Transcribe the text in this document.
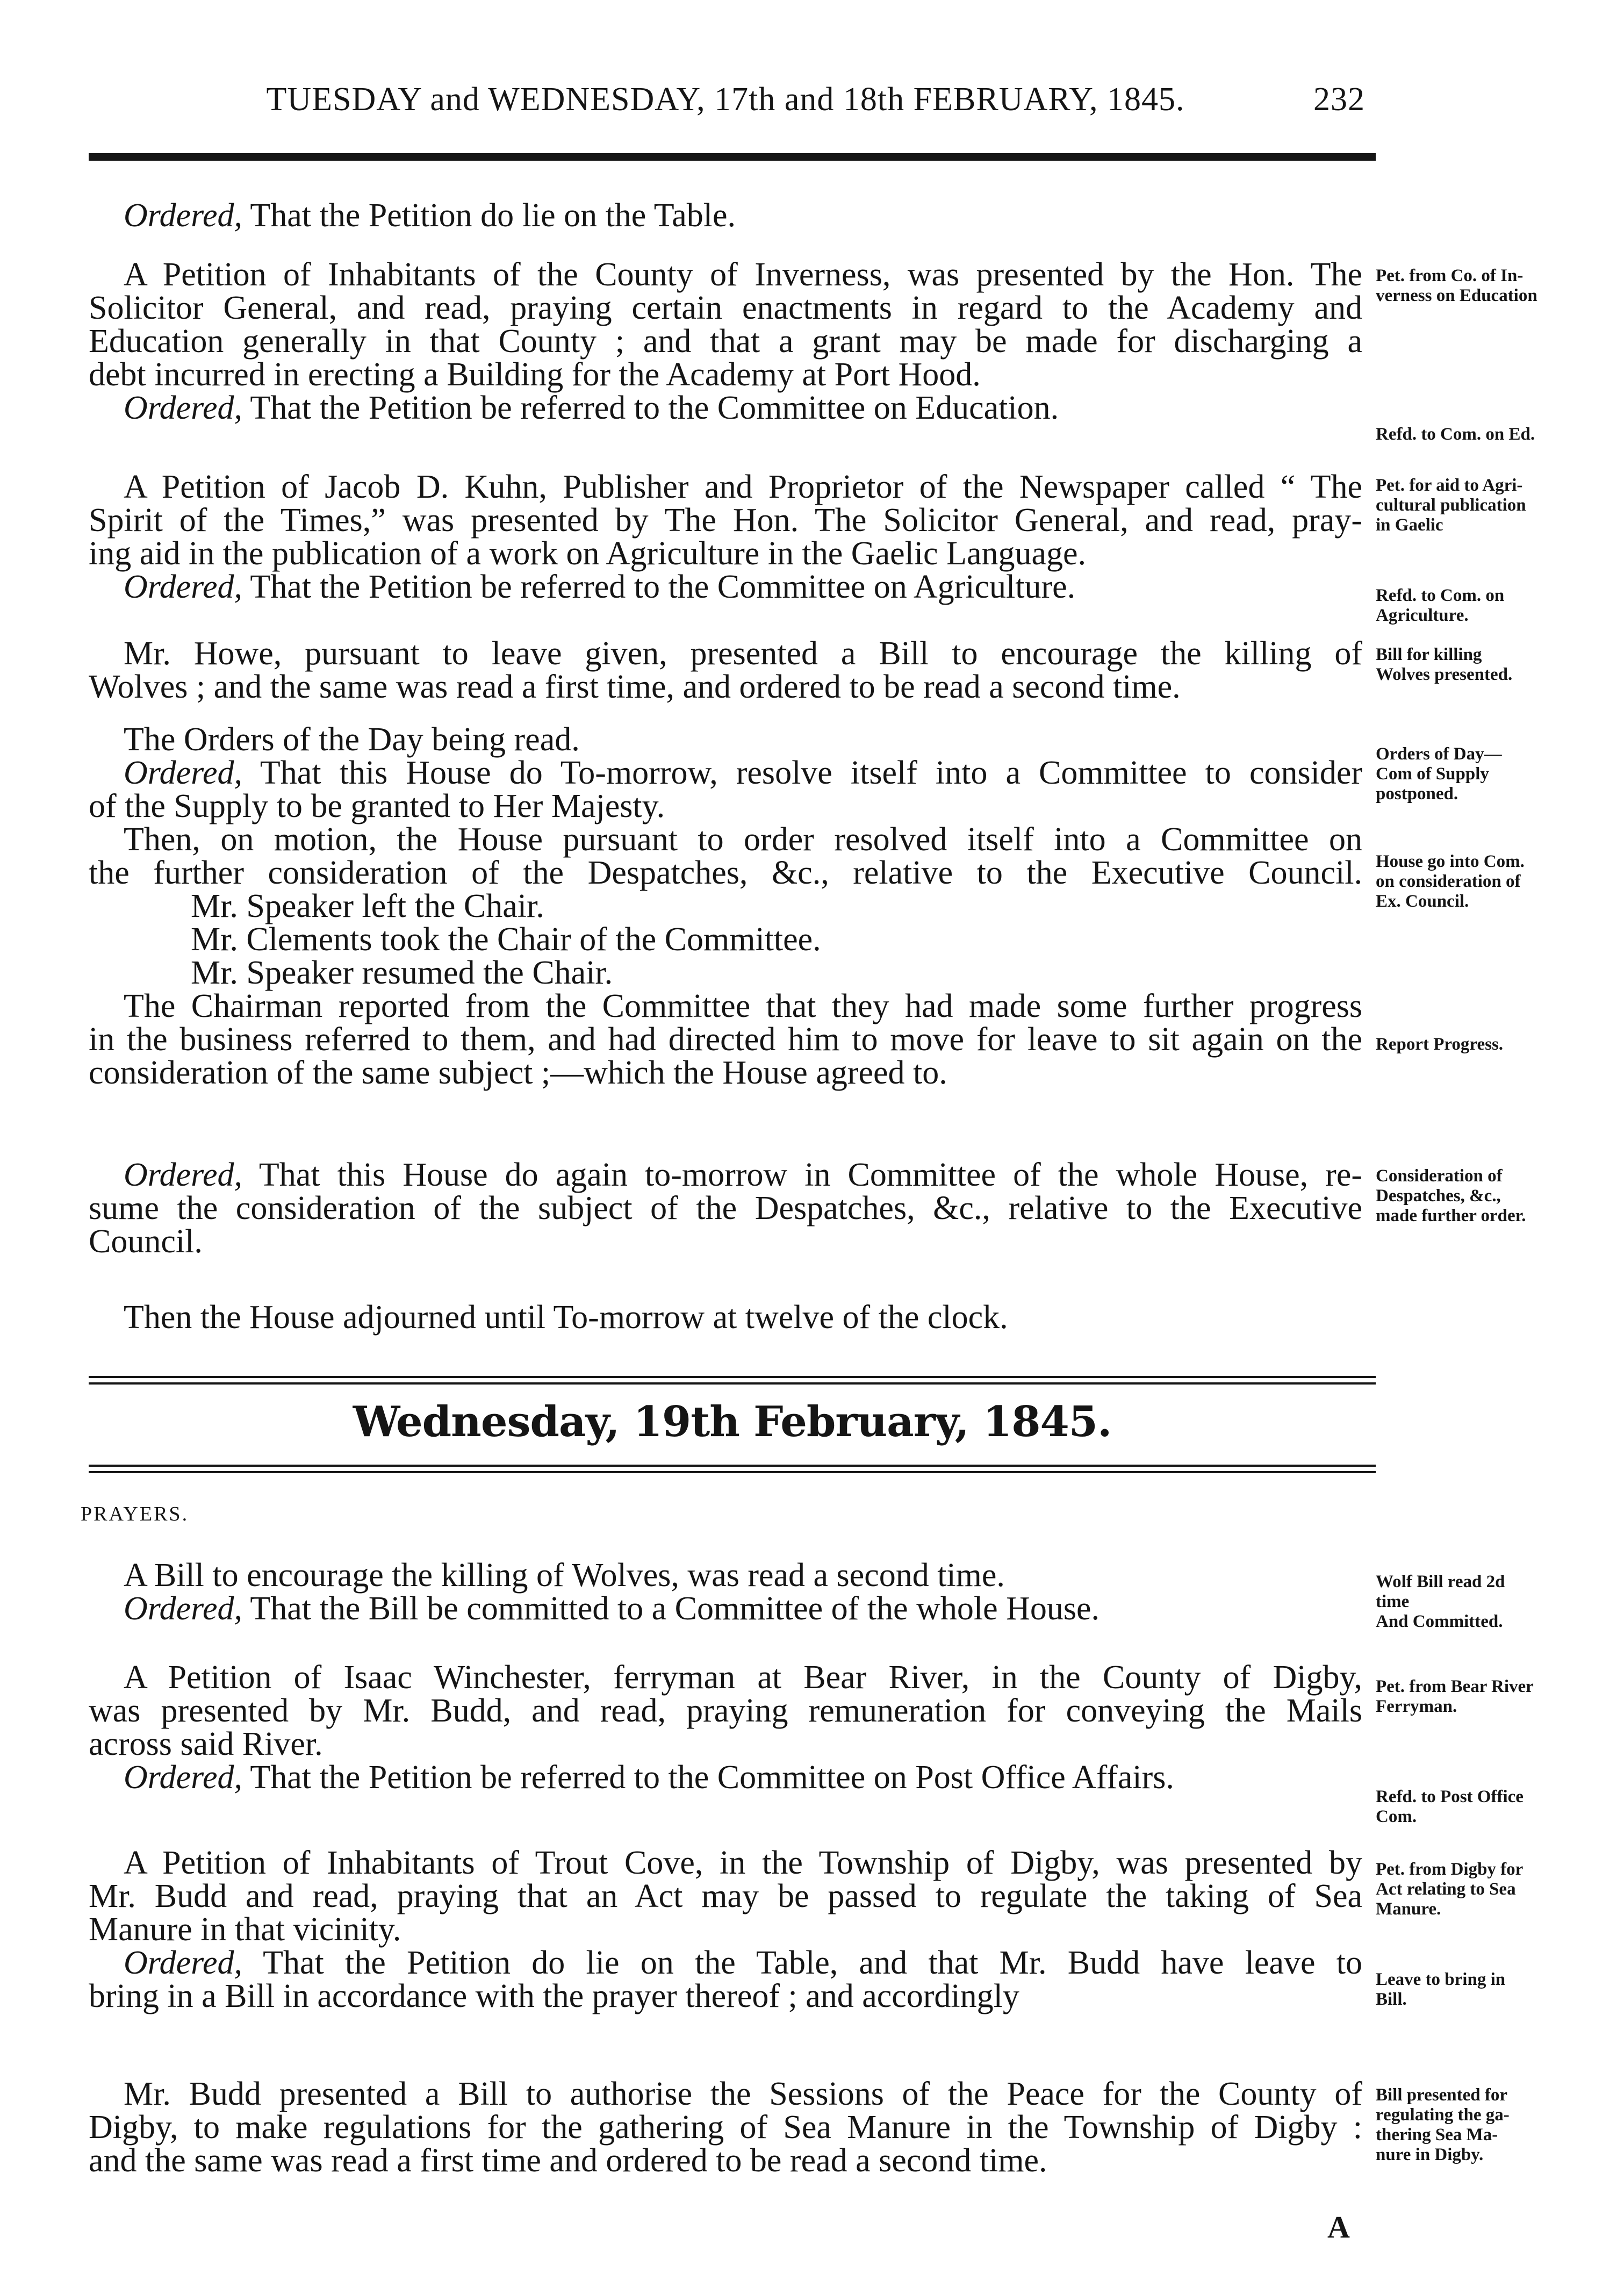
TUESDAY and WEDNESDAY, 17th and 18th FEBRUARY, 1845.	232
Ordered, That the Petition do lie on the Table.
A Petition of Inhabitants of the County of Inverness, was presented by the Hon. The
Solicitor General, and read, praying certain enactments in regard to the Academy and
Education generally in that County ; and that a grant may be made for discharging a
debt incurred in erecting a Building for the Academy at Port Hood.
Ordered, That the Petition be referred to the Committee on Education.
Pet. from Co. of In-
verness on Education
Refd. to Com. on Ed.
A Petition of Jacob D. Kuhn, Publisher and Proprietor of the Newspaper called “ The
Spirit of the Times,” was presented by The Hon. The Solicitor General, and read, pray-
ing aid in the publication of a work on Agriculture in the Gaelic Language.
Ordered, That the Petition be referred to the Committee on Agriculture.
Pet. for aid to Agri-
cultural publication
in Gaelic
Refd. to Com. on
Agriculture.
Mr. Howe, pursuant to leave given, presented a Bill to encourage the killing of
Wolves ; and the same was read a first time, and ordered to be read a second time.
Bill for killing
Wolves presented.
The Orders of the Day being read.
Ordered, That this House do To-morrow, resolve itself into a Committee to consider
of the Supply to be granted to Her Majesty.
Then, on motion, the House pursuant to order resolved itself into a Committee on
the further consideration of the Despatches, &c., relative to the Executive Council.
Mr. Speaker left the Chair.
Mr. Clements took the Chair of the Committee.
Mr. Speaker resumed the Chair.
The Chairman reported from the Committee that they had made some further progress
in the business referred to them, and had directed him to move for leave to sit again on the
consideration of the same subject ;—which the House agreed to.
Orders of Day—
Com of Supply
postponed.
House go into Com.
on consideration of
Ex. Council.
Report Progress.
Ordered, That this House do again to-morrow in Committee of the whole House, re-
sume the consideration of the subject of the Despatches, &c., relative to the Executive
Council.
Consideration of
Despatches, &c.,
made further order.
Then the House adjourned until To-morrow at twelve of the clock.
Wednesday, 19th February, 1845.
PRAYERS.
A Bill to encourage the killing of Wolves, was read a second time.
Ordered, That the Bill be committed to a Committee of the whole House.
Wolf Bill read 2d
time
And Committed.
A Petition of Isaac Winchester, ferryman at Bear River, in the County of Digby,
was presented by Mr. Budd, and read, praying remuneration for conveying the Mails
across said River.
Ordered, That the Petition be referred to the Committee on Post Office Affairs.
Pet. from Bear River
Ferryman.
Refd. to Post Office
Com.
A Petition of Inhabitants of Trout Cove, in the Township of Digby, was presented by
Mr. Budd and read, praying that an Act may be passed to regulate the taking of Sea
Manure in that vicinity.
Ordered, That the Petition do lie on the Table, and that Mr. Budd have leave to
bring in a Bill in accordance with the prayer thereof ; and accordingly
Pet. from Digby for
Act relating to Sea
Manure.
Leave to bring in
Bill.
Mr. Budd presented a Bill to authorise the Sessions of the Peace for the County of
Digby, to make regulations for the gathering of Sea Manure in the Township of Digby :
and the same was read a first time and ordered to be read a second time.
Bill presented for
regulating the ga-
thering Sea Ma-
nure in Digby.
A
